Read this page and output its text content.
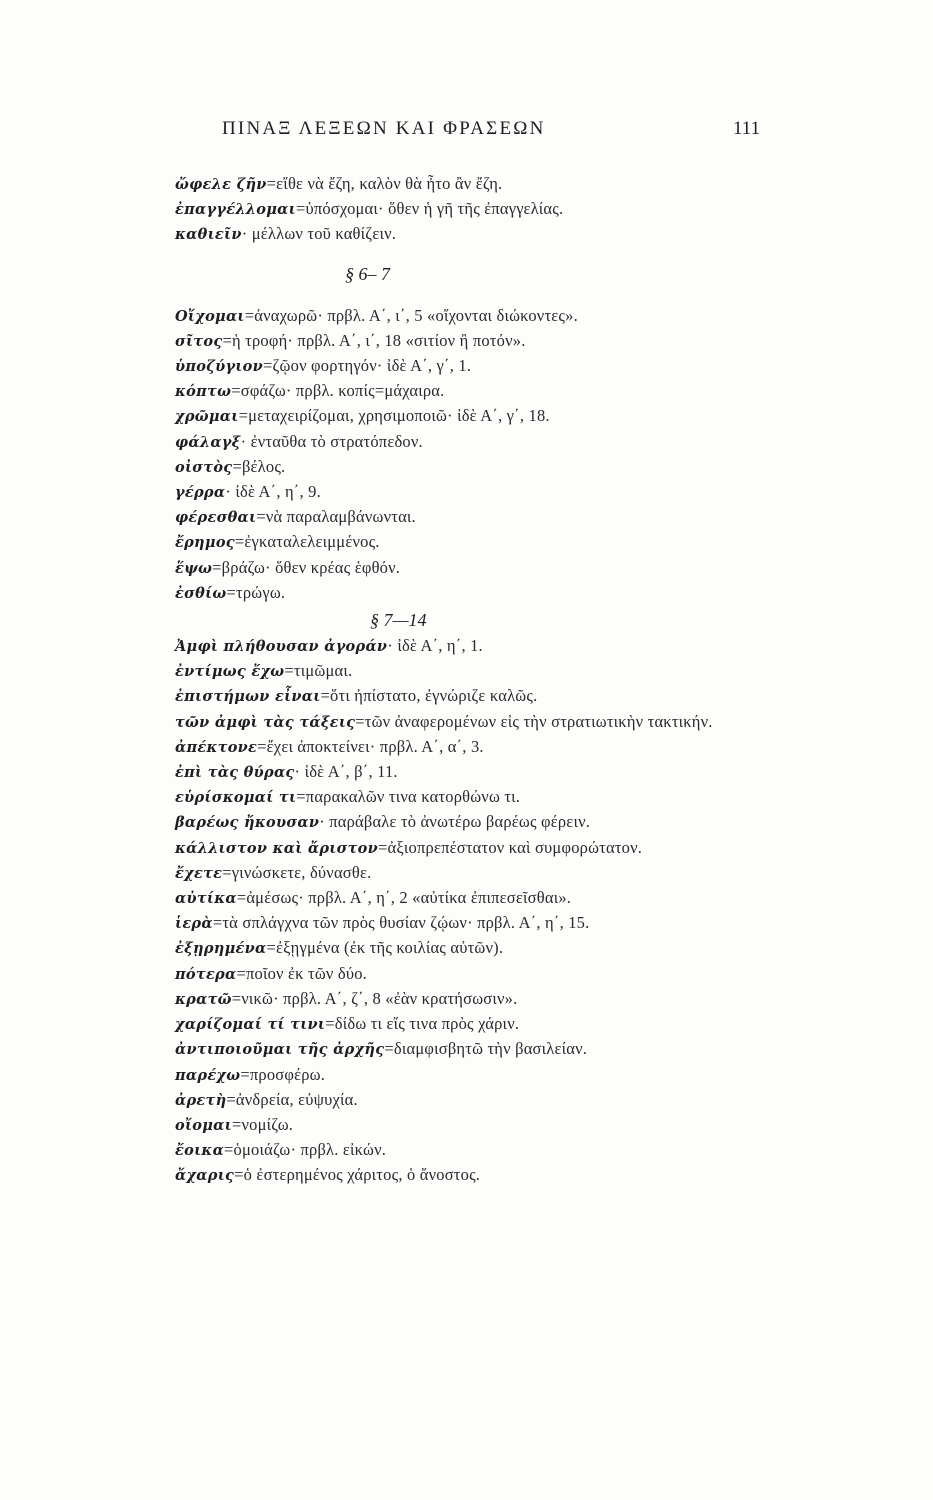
ΠΙΝΑΞ ΛΕΞΕΩΝ ΚΑΙ ΦΡΑΣΕΩΝ	111
ὤφελε ζῆν=εἴθε νὰ ἔζη, καλὸν θὰ ἦτο ἂν ἔζη.
ἐπαγγέλλομαι=ὑπόσχομαι· ὅθεν ἡ γῆ τῆς ἐπαγγελίας.
καθιεῖν· μέλλων τοῦ καθίζειν.
§ 6– 7
Οἴχομαι=ἀναχωρῶ· πρβλ. Α΄, ι΄, 5 «οἴχονται διώκοντες».
σῖτος=ἡ τροφή· πρβλ. Α΄, ι΄, 18 «σιτίον ἢ ποτόν».
ὑποζύγιον=ζῷον φορτηγόν· ἰδὲ Α΄, γ΄, 1.
κόπτω=σφάζω· πρβλ. κοπίς=μάχαιρα.
χρῶμαι=μεταχειρίζομαι, χρησιμοποιῶ· ἰδὲ Α΄, γ΄, 18.
φάλαγξ· ἐνταῦθα τὸ στρατόπεδον.
οἰστὸς=βέλος.
γέρρα· ἰδὲ Α΄, η΄, 9.
φέρεσθαι=νὰ παραλαμβάνωνται.
ἔρημος=ἐγκαταλελειμμένος.
ἕψω=βράζω· ὅθεν κρέας ἑφθόν.
ἐσθίω=τρώγω.
§ 7—14
Ἀμφὶ πλήθουσαν ἀγοράν· ἰδὲ Α΄, η΄, 1.
ἐντίμως ἔχω=τιμῶμαι.
ἐπιστήμων εἶναι=ὅτι ἠπίστατο, ἐγνώριζε καλῶς.
τῶν ἀμφὶ τὰς τάξεις=τῶν ἀναφερομένων εἰς τὴν στρατιωτικὴν τακτικήν.
ἀπέκτονε=ἔχει ἀποκτείνει· πρβλ. Α΄, α΄, 3.
ἐπὶ τὰς θύρας· ἰδὲ Α΄, β΄, 11.
εὑρίσκομαί τι=παρακαλῶν τινα κατορθώνω τι.
βαρέως ἤκουσαν· παράβαλε τὸ ἀνωτέρω βαρέως φέρειν.
κάλλιστον καὶ ἄριστον=ἀξιοπρεπέστατον καὶ συμφορώτατον.
ἔχετε=γινώσκετε, δύνασθε.
αὐτίκα=ἀμέσως· πρβλ. Α΄, η΄, 2 «αὐτίκα ἐπιπεσεῖσθαι».
ἱερὰ=τὰ σπλάγχνα τῶν πρὸς θυσίαν ζῴων· πρβλ. Α΄, η΄, 15.
ἐξῃρημένα=ἐξῃγμένα (ἐκ τῆς κοιλίας αὐτῶν).
πότερα=ποῖον ἐκ τῶν δύο.
κρατῶ=νικῶ· πρβλ. Α΄, ζ΄, 8 «ἐὰν κρατήσωσιν».
χαρίζομαί τί τινι=δίδω τι εἴς τινα πρὸς χάριν.
ἀντιποιοῦμαι τῆς ἀρχῆς=διαμφισβητῶ τὴν βασιλείαν.
παρέχω=προσφέρω.
ἀρετὴ=ἀνδρεία, εὐψυχία.
οἴομαι=νομίζω.
ἔοικα=ὁμοιάζω· πρβλ. εἰκών.
ἄχαρις=ὁ ἐστερημένος χάριτος, ὁ ἄνοστος.
